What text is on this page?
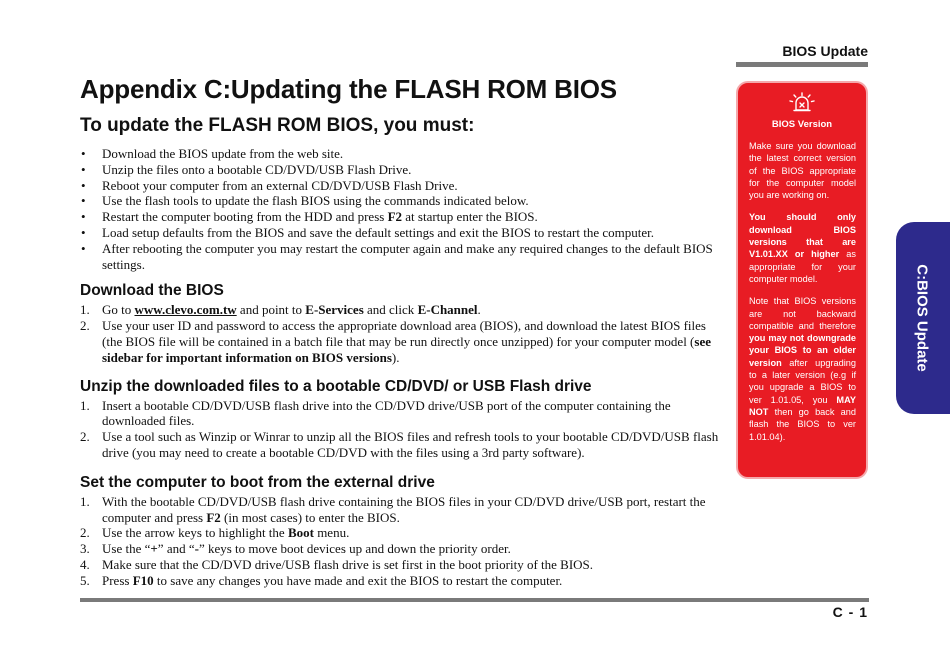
BIOS Update
C:BIOS Update
Appendix C:Updating the FLASH ROM BIOS
To update the FLASH ROM BIOS, you must:
• Download the BIOS update from the web site.
• Unzip the files onto a bootable CD/DVD/USB Flash Drive.
• Reboot your computer from an external CD/DVD/USB Flash Drive.
• Use the flash tools to update the flash BIOS using the commands indicated below.
• Restart the computer booting from the HDD and press F2 at startup enter the BIOS.
• Load setup defaults from the BIOS and save the default settings and exit the BIOS to restart the computer.
• After rebooting the computer you may restart the computer again and make any required changes to the default BIOS settings.
Download the BIOS
1. Go to www.clevo.com.tw and point to E-Services and click E-Channel.
2. Use your user ID and password to access the appropriate download area (BIOS), and download the latest BIOS files (the BIOS file will be contained in a batch file that may be run directly once unzipped) for your computer model (see sidebar for important information on BIOS versions).
Unzip the downloaded files to a bootable CD/DVD/ or USB Flash drive
1. Insert a bootable CD/DVD/USB flash drive into the CD/DVD drive/USB port of the computer containing the downloaded files.
2. Use a tool such as Winzip or Winrar to unzip all the BIOS files and refresh tools to your bootable CD/DVD/USB flash drive (you may need to create a bootable CD/DVD with the files using a 3rd party software).
Set the computer to boot from the external drive
1. With the bootable CD/DVD/USB flash drive containing the BIOS files in your CD/DVD drive/USB port, restart the computer and press F2 (in most cases) to enter the BIOS.
2. Use the arrow keys to highlight the Boot menu.
3. Use the “+” and “-” keys to move boot devices up and down the priority order.
4. Make sure that the CD/DVD drive/USB flash drive is set first in the boot priority of the BIOS.
5. Press F10 to save any changes you have made and exit the BIOS to restart the computer.
BIOS Version
Make sure you download the latest correct version of the BIOS appropriate for the computer model you are working on.
You should only download BIOS versions that are V1.01.XX or higher as appropriate for your computer model.
Note that BIOS versions are not backward compatible and therefore you may not downgrade your BIOS to an older version after upgrading to a later version (e.g if you upgrade a BIOS to ver 1.01.05, you MAY NOT then go back and flash the BIOS to ver 1.01.04).
C - 1
